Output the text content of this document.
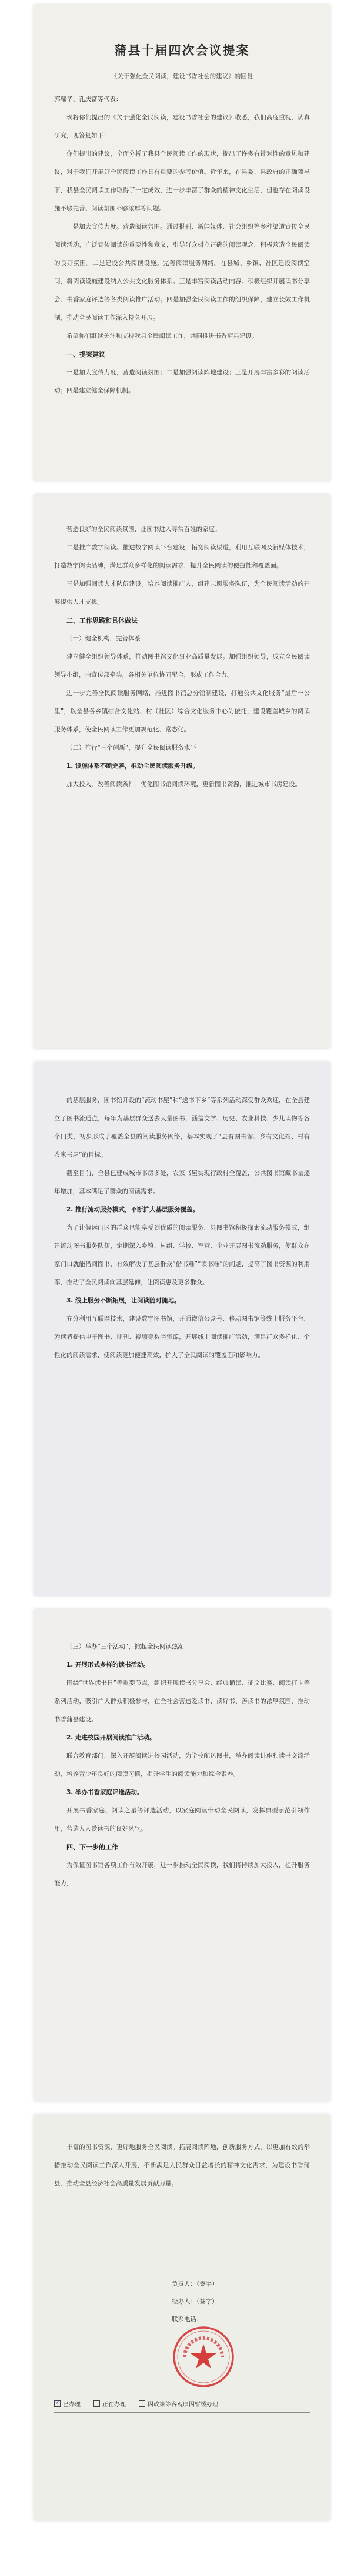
蒲县十届四次会议提案
《关于强化全民阅读，建设书香社会的建议》的回复

郭耀华、孔庆富等代表：

现将你们提出的《关于强化全民阅读，建设书香社会的建议》收悉，我们高度重视，认真研究，现答复如下：

你们提出的建议，全面分析了我县全民阅读工作的现状，提出了许多有针对性的意见和建议，对于我们开展好全民阅读工作具有重要的参考价值。近年来，在县委、县政府的正确领导下，我县全民阅读工作取得了一定成效，进一步丰富了群众的精神文化生活，但也存在阅读设施不够完善、阅读氛围不够浓厚等问题。

一是加大宣传力度。营造阅读氛围。通过报刊、新闻媒体、社会组织等多种渠道宣传全民阅读活动，广泛宣传阅读的重要性和意义，引导群众树立正确的阅读观念，积极营造全民阅读的良好氛围。二是建设公共阅读设施。完善阅读服务网络。在县城、乡镇、社区建设阅读空间，将阅读设施建设纳入公共文化服务体系。三是丰富阅读活动内容。积极组织开展读书分享会、书香家庭评选等各类阅读推广活动。四是加强全民阅读工作的组织保障，建立长效工作机制，推动全民阅读工作深入持久开展。

希望你们继续关注和支持我县全民阅读工作，共同推进书香蒲县建设。

一、提案建议

一是加大宣传力度，营造阅读氛围；二是加强阅读阵地建设；三是开展丰富多彩的阅读活动；四是建立健全保障机制。

营造良好的全民阅读氛围，让图书进入寻常百姓的家庭。

二是推广数字阅读。推进数字阅读平台建设，拓宽阅读渠道，利用互联网及新媒体技术，打造数字阅读品牌，满足群众多样化的阅读需求，提升全民阅读的便捷性和覆盖面。

三是加强阅读人才队伍建设。培养阅读推广人，组建志愿服务队伍，为全民阅读活动的开展提供人才支撑。

二、工作思路和具体做法

（一）健全机构，完善体系

建立健全组织领导体系，推动图书馆文化事业高质量发展。加强组织领导，成立全民阅读领导小组，由宣传部牵头，各相关单位协同配合，形成工作合力。

进一步完善全民阅读服务网络，推进图书馆总分馆制建设，打通公共文化服务“最后一公里”，以全县各乡镇综合文化站、村（社区）综合文化服务中心为依托，建设覆盖城乡的阅读服务体系，使全民阅读工作更加规范化、常态化。

（二）推行“三个创新”，提升全民阅读服务水平

1. 设施体系不断完善，推动全民阅读服务升级。

加大投入，改善阅读条件。优化图书馆阅读环境，更新图书资源，推进城市书房建设。

的基层服务，图书馆开设的“流动书屋”和“送书下乡”等系列活动深受群众欢迎，在全县建立了图书流通点，每年为基层群众送去大量图书，涵盖文学、历史、农业科技、少儿读物等各个门类，初步形成了覆盖全县的阅读服务网络，基本实现了“县有图书馆、乡有文化站、村有农家书屋”的目标。

截至目前，全县已建成城市书房多处，农家书屋实现行政村全覆盖，公共图书馆藏书量逐年增加，基本满足了群众的阅读需求。

2. 推行流动服务模式，不断扩大基层服务覆盖。

为了让偏远山区的群众也能享受到优质的阅读服务，县图书馆积极探索流动服务模式，组建流动图书服务队伍，定期深入乡镇、村组、学校、军营、企业开展图书流动服务，使群众在家门口就能借阅图书，有效解决了基层群众“借书难”“读书难”的问题，提高了图书资源的利用率，推动了全民阅读向基层延伸，让阅读惠及更多群众。

3. 线上服务不断拓展，让阅读随时随地。

充分利用互联网技术，建设数字图书馆，开通微信公众号、移动图书馆等线上服务平台，为读者提供电子图书、期刊、视频等数字资源，开展线上阅读推广活动，满足群众多样化、个性化的阅读需求，使阅读更加便捷高效，扩大了全民阅读的覆盖面和影响力。

（三）举办“三个活动”，掀起全民阅读热潮

1. 开展形式多样的读书活动。

围绕“世界读书日”等重要节点，组织开展读书分享会、经典诵读、征文比赛、阅读打卡等系列活动，吸引广大群众积极参与，在全社会营造爱读书、读好书、善读书的浓厚氛围，推动书香蒲县建设。

2. 走进校园开展阅读推广活动。

联合教育部门，深入开展阅读进校园活动，为学校配送图书，举办阅读讲座和读书交流活动，培养青少年良好的阅读习惯，提升学生的阅读能力和综合素养。

3. 举办书香家庭评选活动。

开展书香家庭、阅读之星等评选活动，以家庭阅读带动全民阅读，发挥典型示范引领作用，营造人人爱读书的良好风气。

四、下一步的工作

为保证图书馆各项工作有效开展，进一步推动全民阅读，我们将持续加大投入，提升服务能力，

丰富的图书资源，更好地服务全民阅读。拓展阅读阵地，创新服务方式，以更加有效的举措推动全民阅读工作深入开展，不断满足人民群众日益增长的精神文化需求，为建设书香蒲县、推动全县经济社会高质量发展贡献力量。

负责人：（签字）

经办人：（签字）

联系电话：

✓
已办理	正在办理	因政策等客观原因暂缓办理
